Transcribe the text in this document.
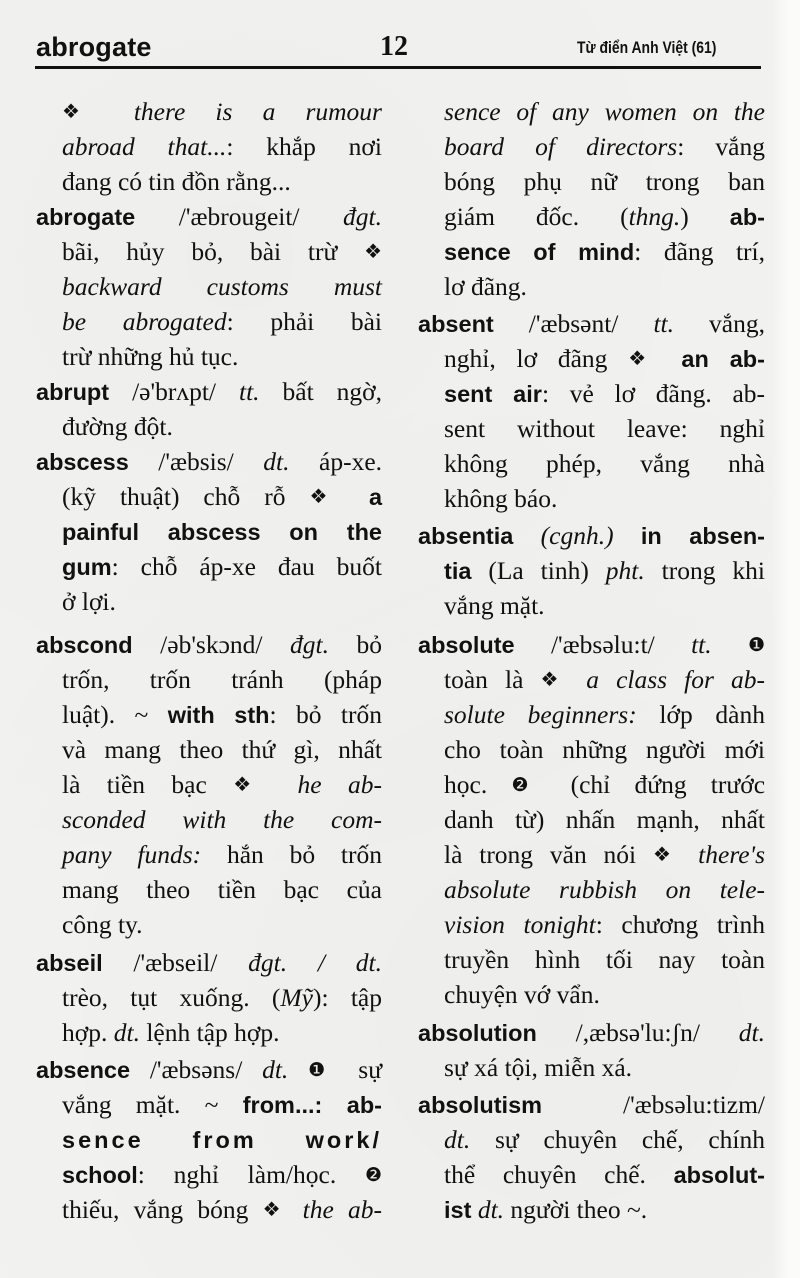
abrogate	12	Từ điển Anh Việt (61)
❖ there is a rumour
abroad that...: khắp nơi
đang có tin đồn rằng...
abrogate /'æbrougeit/ đgt.
bãi, hủy bỏ, bài trừ ❖
backward customs must
be abrogated: phải bài
trừ những hủ tục.
abrupt /ə'brʌpt/ tt. bất ngờ,
đường đột.
abscess /'æbsis/ dt. áp-xe.
(kỹ thuật) chỗ rỗ ❖ a
painful abscess on the
gum: chỗ áp-xe đau buốt
ở lợi.
abscond /əb'skɔnd/ đgt. bỏ
trốn, trốn tránh (pháp
luật). ~ with sth: bỏ trốn
và mang theo thứ gì, nhất
là tiền bạc ❖ he ab-
sconded with the com-
pany funds: hắn bỏ trốn
mang theo tiền bạc của
công ty.
abseil /'æbseil/ đgt. / dt.
trèo, tụt xuống. (Mỹ): tập
hợp. dt. lệnh tập hợp.
absence /'æbsəns/ dt. ❶ sự
vắng mặt. ~ from...: ab-
sence from work/
school: nghỉ làm/học. ❷
thiếu, vắng bóng ❖ the ab-
sence of any women on the
board of directors: vắng
bóng phụ nữ trong ban
giám đốc. (thng.) ab-
sence of mind: đãng trí,
lơ đãng.
absent /'æbsənt/ tt. vắng,
nghỉ, lơ đãng ❖ an ab-
sent air: vẻ lơ đãng. ab-
sent without leave: nghỉ
không phép, vắng nhà
không báo.
absentia (cgnh.) in absen-
tia (La tinh) pht. trong khi
vắng mặt.
absolute /'æbsəlu:t/ tt. ❶
toàn là ❖ a class for ab-
solute beginners: lớp dành
cho toàn những người mới
học. ❷ (chỉ đứng trước
danh từ) nhấn mạnh, nhất
là trong văn nói ❖ there's
absolute rubbish on tele-
vision tonight: chương trình
truyền hình tối nay toàn
chuyện vớ vẩn.
absolution /,æbsə'lu:ʃn/ dt.
sự xá tội, miễn xá.
absolutism	/'æbsəlu:tizm/
dt. sự chuyên chế, chính
thể chuyên chế. absolut-
ist dt. người theo ~.
